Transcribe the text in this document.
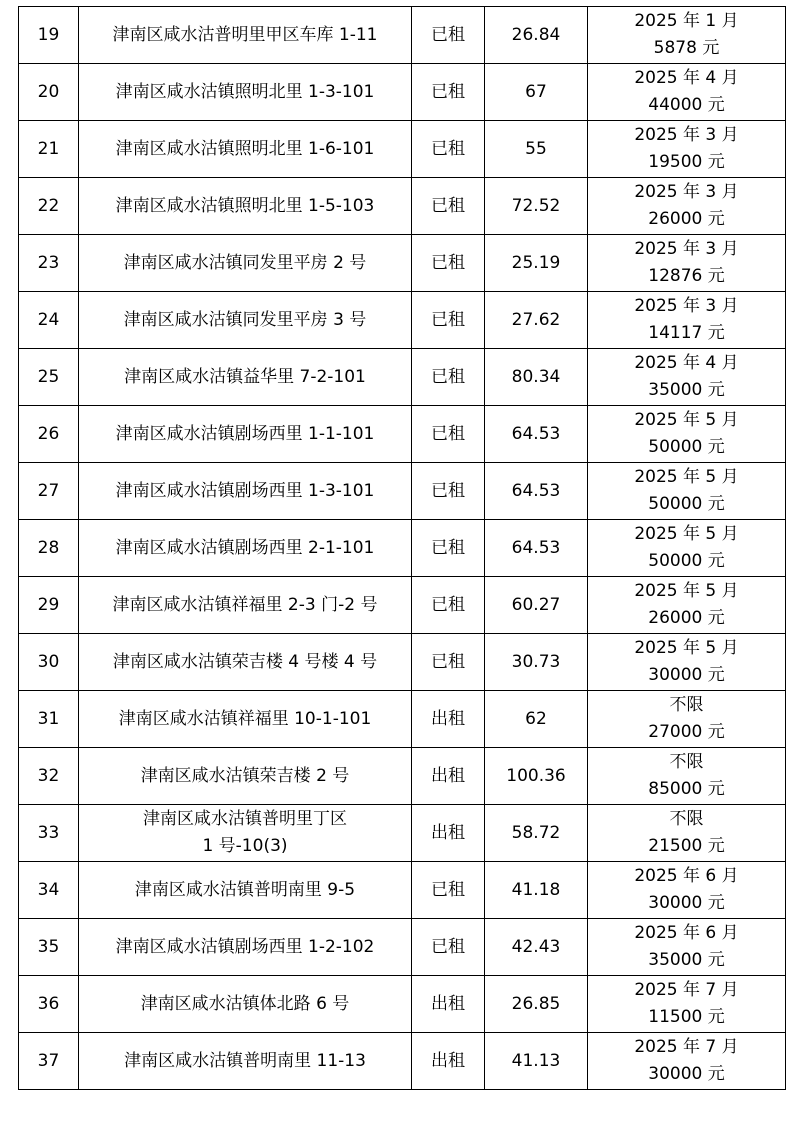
19	津南区咸水沽普明里甲区车库 1-11	已租	26.84	2025 年 1 月
5878 元

20	津南区咸水沽镇照明北里 1-3-101	已租	67	2025 年 4 月
44000 元

21	津南区咸水沽镇照明北里 1-6-101	已租	55	2025 年 3 月
19500 元

22	津南区咸水沽镇照明北里 1-5-103	已租	72.52	2025 年 3 月
26000 元

23	津南区咸水沽镇同发里平房 2 号	已租	25.19	2025 年 3 月
12876 元

24	津南区咸水沽镇同发里平房 3 号	已租	27.62	2025 年 3 月
14117 元

25	津南区咸水沽镇益华里 7-2-101	已租	80.34	2025 年 4 月
35000 元

26	津南区咸水沽镇剧场西里 1-1-101	已租	64.53	2025 年 5 月
50000 元

27	津南区咸水沽镇剧场西里 1-3-101	已租	64.53	2025 年 5 月
50000 元

28	津南区咸水沽镇剧场西里 2-1-101	已租	64.53	2025 年 5 月
50000 元

29	津南区咸水沽镇祥福里 2-3 门-2 号	已租	60.27	2025 年 5 月
26000 元

30	津南区咸水沽镇荣吉楼 4 号楼 4 号	已租	30.73	2025 年 5 月
30000 元

31	津南区咸水沽镇祥福里 10-1-101	出租	62	不限
27000 元

32	津南区咸水沽镇荣吉楼 2 号	出租	100.36	不限
85000 元

33	津南区咸水沽镇普明里丁区
1 号-10(3)	出租	58.72	不限
21500 元

34	津南区咸水沽镇普明南里 9-5	已租	41.18	2025 年 6 月
30000 元

35	津南区咸水沽镇剧场西里 1-2-102	已租	42.43	2025 年 6 月
35000 元

36	津南区咸水沽镇体北路 6 号	出租	26.85	2025 年 7 月
11500 元

37	津南区咸水沽镇普明南里 11-13	出租	41.13	2025 年 7 月
30000 元
